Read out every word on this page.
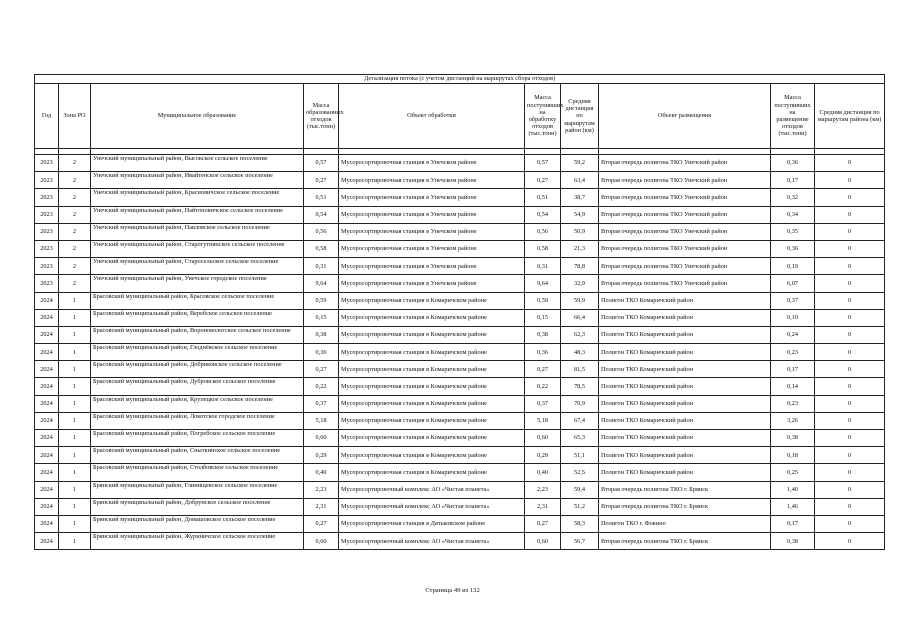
Детализация потока (с учетом дистанций на маршрутах сбора отходов)									
Год	Зона РО	Муниципальное образование	Масса образованных отходов (тыс.тонн)	Объект обработки	Масса поступивших на обработку отходов (тыс.тонн)	Средняя дистанция по маршрутам район (км)	Объект размещения	Масса поступивших на размещение отходов (тыс.тонн)	Средняя дистанция по маршрутам района (км)

2023	2	Унечский муниципальный район, Высокское сельское поселение	0,57	Мусоросортировочная станция в Унечском районе	0,57	59,2	Вторая очередь полигона ТКО Унечский район	0,36	0
2023	2	Унечский муниципальный район, Ивайтенское сельское поселение	0,27	Мусоросортировочная станция в Унечском районе	0,27	63,4	Вторая очередь полигона ТКО Унечский район	0,17	0
2023	2	Унечский муниципальный район, Красновичское сельское поселение	0,51	Мусоросортировочная станция в Унечском районе	0,51	38,7	Вторая очередь полигона ТКО Унечский район	0,32	0
2023	2	Унечский муниципальный район, Найтоповичское сельское поселение	0,54	Мусоросортировочная станция в Унечском районе	0,54	54,9	Вторая очередь полигона ТКО Унечский район	0,34	0
2023	2	Унечский муниципальный район, Павловское сельское поселение	0,56	Мусоросортировочная станция в Унечском районе	0,56	50,9	Вторая очередь полигона ТКО Унечский район	0,35	0
2023	2	Унечский муниципальный район, Старогутнянское сельское поселение	0,58	Мусоросортировочная станция в Унечском районе	0,58	21,3	Вторая очередь полигона ТКО Унечский район	0,36	0
2023	2	Унечский муниципальный район, Старосельское сельское поселение	0,31	Мусоросортировочная станция в Унечском районе	0,31	78,8	Вторая очередь полигона ТКО Унечский район	0,19	0
2023	2	Унечский муниципальный район, Унечское городское поселение	9,64	Мусоросортировочная станция в Унечском районе	9,64	32,9	Вторая очередь полигона ТКО Унечский район	6,07	0
2024	1	Брасовский муниципальный район, Брасовское сельское поселение	0,59	Мусоросортировочная станция в Комаричском районе	0,59	59,9	Полигон ТКО Комаричский район	0,37	0
2024	1	Брасовский муниципальный район, Веребское сельское поселение	0,15	Мусоросортировочная станция в Комаричском районе	0,15	66,4	Полигон ТКО Комаричский район	0,10	0
2024	1	Брасовский муниципальный район, Вороновологское сельское поселение	0,38	Мусоросортировочная станция в Комаричском районе	0,38	62,3	Полигон ТКО Комаричский район	0,24	0
2024	1	Брасовский муниципальный район, Глоднёвское сельское поселение	0,36	Мусоросортировочная станция в Комаричском районе	0,36	48,3	Полигон ТКО Комаричский район	0,23	0
2024	1	Брасовский муниципальный район, Добриковское сельское поселение	0,27	Мусоросортировочная станция в Комаричском районе	0,27	81,5	Полигон ТКО Комаричский район	0,17	0
2024	1	Брасовский муниципальный район, Дубровское сельское поселение	0,22	Мусоросортировочная станция в Комаричском районе	0,22	78,5	Полигон ТКО Комаричский район	0,14	0
2024	1	Брасовский муниципальный район, Крупецкое сельское поселение	0,37	Мусоросортировочная станция в Комаричском районе	0,37	70,9	Полигон ТКО Комаричский район	0,23	0
2024	1	Брасовский муниципальный район, Локотское городское поселение	5,18	Мусоросортировочная станция в Комаричском районе	5,18	67,4	Полигон ТКО Комаричский район	3,26	0
2024	1	Брасовский муниципальный район, Погребское сельское поселение	0,60	Мусоросортировочная станция в Комаричском районе	0,60	65,3	Полигон ТКО Комаричский район	0,38	0
2024	1	Брасовский муниципальный район, Сныткинское сельское поселение	0,29	Мусоросортировочная станция в Комаричском районе	0,29	51,1	Полигон ТКО Комаричский район	0,18	0
2024	1	Брасовский муниципальный район, Столбовское сельское поселение	0,40	Мусоросортировочная станция в Комаричском районе	0,40	52,5	Полигон ТКО Комаричский район	0,25	0
2024	1	Брянский муниципальный район, Глинищевское сельское поселение	2,23	Мусоросортировочный комплекс АО «Чистая планета»	2,23	59,4	Вторая очередь полигона ТКО г. Брянск	1,40	0
2024	1	Брянский муниципальный район, Добрунское сельское поселение	2,31	Мусоросортировочный комплекс АО «Чистая планета»	2,31	51,2	Вторая очередь полигона ТКО г. Брянск	1,46	0
2024	1	Брянский муниципальный район, Домашовское сельское поселение	0,27	Мусоросортировочная станция в Дятьковском районе	0,27	58,3	Полигон ТКО г. Фокино	0,17	0
2024	1	Брянский муниципальный район, Журиничское сельское поселение	0,60	Мусоросортировочный комплекс АО «Чистая планета»	0,60	56,7	Вторая очередь полигона ТКО г. Брянск	0,38	0
Страница 49 из 132
